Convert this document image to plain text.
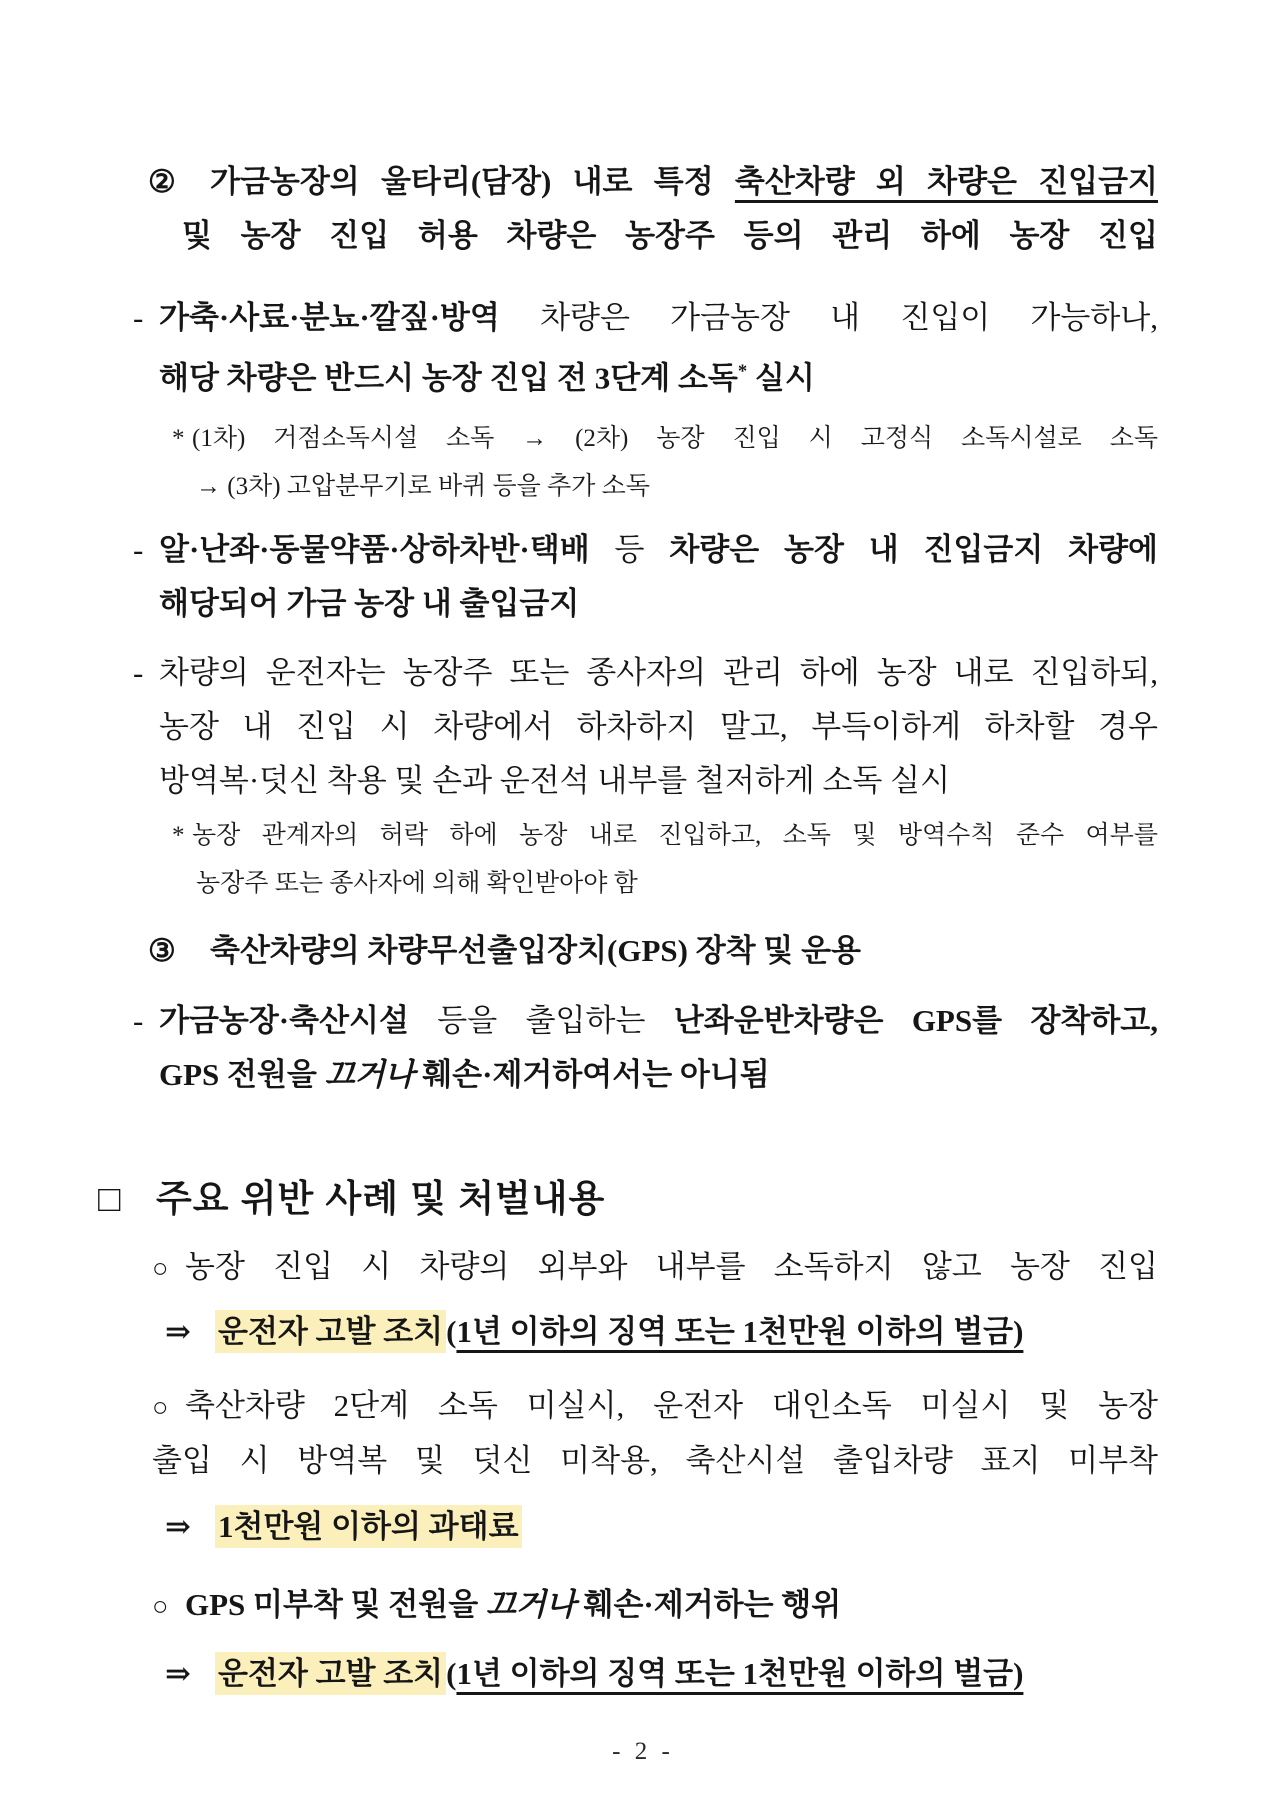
② 가금농장의 울타리(담장) 내로 특정 축산차량 외 차량은 진입금지
및 농장 진입 허용 차량은 농장주 등의 관리 하에 농장 진입
- 가축·사료·분뇨·깔짚·방역 차량은 가금농장 내 진입이 가능하나,
해당 차량은 반드시 농장 진입 전 3단계 소독* 실시
* (1차) 거점소독시설 소독 → (2차) 농장 진입 시 고정식 소독시설로 소독
→ (3차) 고압분무기로 바퀴 등을 추가 소독
- 알·난좌·동물약품·상하차반·택배 등 차량은 농장 내 진입금지 차량에
해당되어 가금 농장 내 출입금지
- 차량의 운전자는 농장주 또는 종사자의 관리 하에 농장 내로 진입하되,
농장 내 진입 시 차량에서 하차하지 말고, 부득이하게 하차할 경우
방역복·덧신 착용 및 손과 운전석 내부를 철저하게 소독 실시
* 농장 관계자의 허락 하에 농장 내로 진입하고, 소독 및 방역수칙 준수 여부를
농장주 또는 종사자에 의해 확인받아야 함
③ 축산차량의 차량무선출입장치(GPS) 장착 및 운용
- 가금농장·축산시설 등을 출입하는 난좌운반차량은 GPS를 장착하고,
GPS 전원을 끄거나 훼손·제거하여서는 아니됨
□ 주요 위반 사례 및 처벌내용
○ 농장 진입 시 차량의 외부와 내부를 소독하지 않고 농장 진입
⇒ 운전자 고발 조치(1년 이하의 징역 또는 1천만원 이하의 벌금)
○ 축산차량 2단계 소독 미실시, 운전자 대인소독 미실시 및 농장
출입 시 방역복 및 덧신 미착용, 축산시설 출입차량 표지 미부착
⇒ 1천만원 이하의 과태료
○ GPS 미부착 및 전원을 끄거나 훼손·제거하는 행위
⇒ 운전자 고발 조치(1년 이하의 징역 또는 1천만원 이하의 벌금)
- 2 -
